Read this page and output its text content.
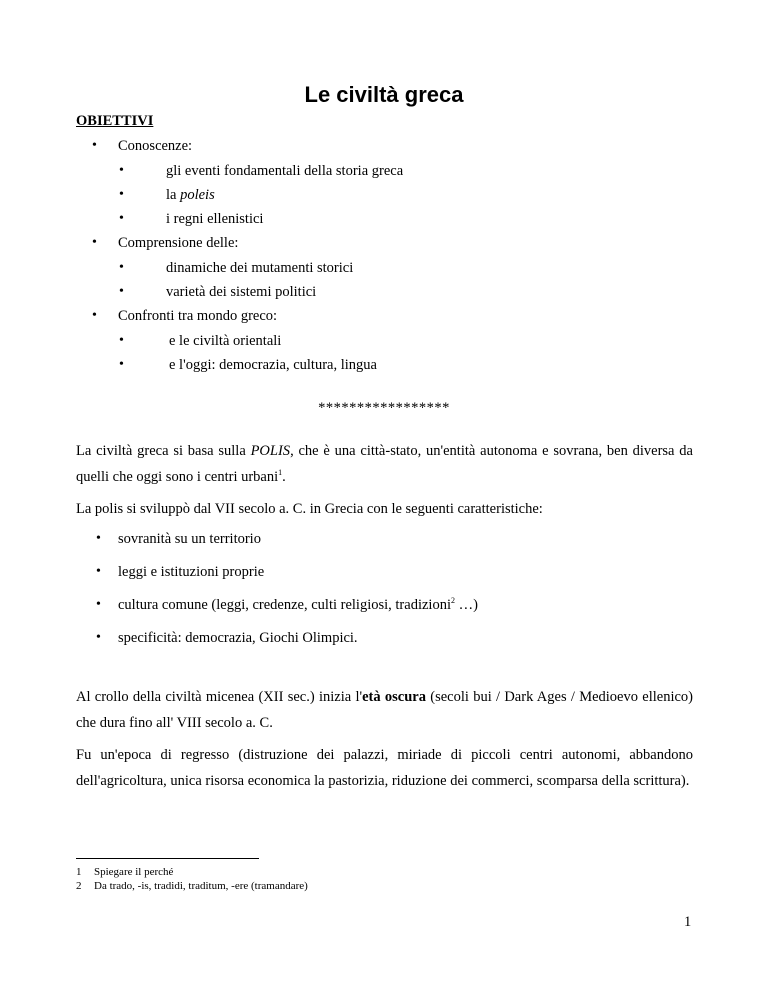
Le civiltà greca
OBIETTIVI
• Conoscenze:
•	gli eventi fondamentali della storia greca
•	la poleis
•	i regni ellenistici
• Comprensione delle:
•	dinamiche dei mutamenti storici
•	varietà dei sistemi politici
• Confronti tra mondo greco:
•	e le civiltà orientali
•	e l'oggi: democrazia, cultura, lingua
*****************

La civiltà greca si basa sulla POLIS, che è una città-stato, un'entità autonoma e sovrana, ben diversa da quelli che oggi sono i centri urbani$^1$.

La polis si sviluppò dal VII secolo a. C. in Grecia con le seguenti caratteristiche:

• sovranità su un territorio
• leggi e istituzioni proprie
• cultura comune (leggi, credenze, culti religiosi, tradizioni$^2$ …)
• specificità: democrazia, Giochi Olimpici.

Al crollo della civiltà micenea (XII sec.) inizia l'età oscura (secoli bui / Dark Ages / Medioevo ellenico) che dura fino all' VIII secolo a. C.

Fu un'epoca di regresso (distruzione dei palazzi, miriade di piccoli centri autonomi, abbandono dell'agricoltura, unica risorsa economica la pastorizia, riduzione dei commerci, scomparsa della scrittura).

1 Spiegare il perché
2 Da trado, -is, tradidi, traditum, -ere (tramandare)
1
